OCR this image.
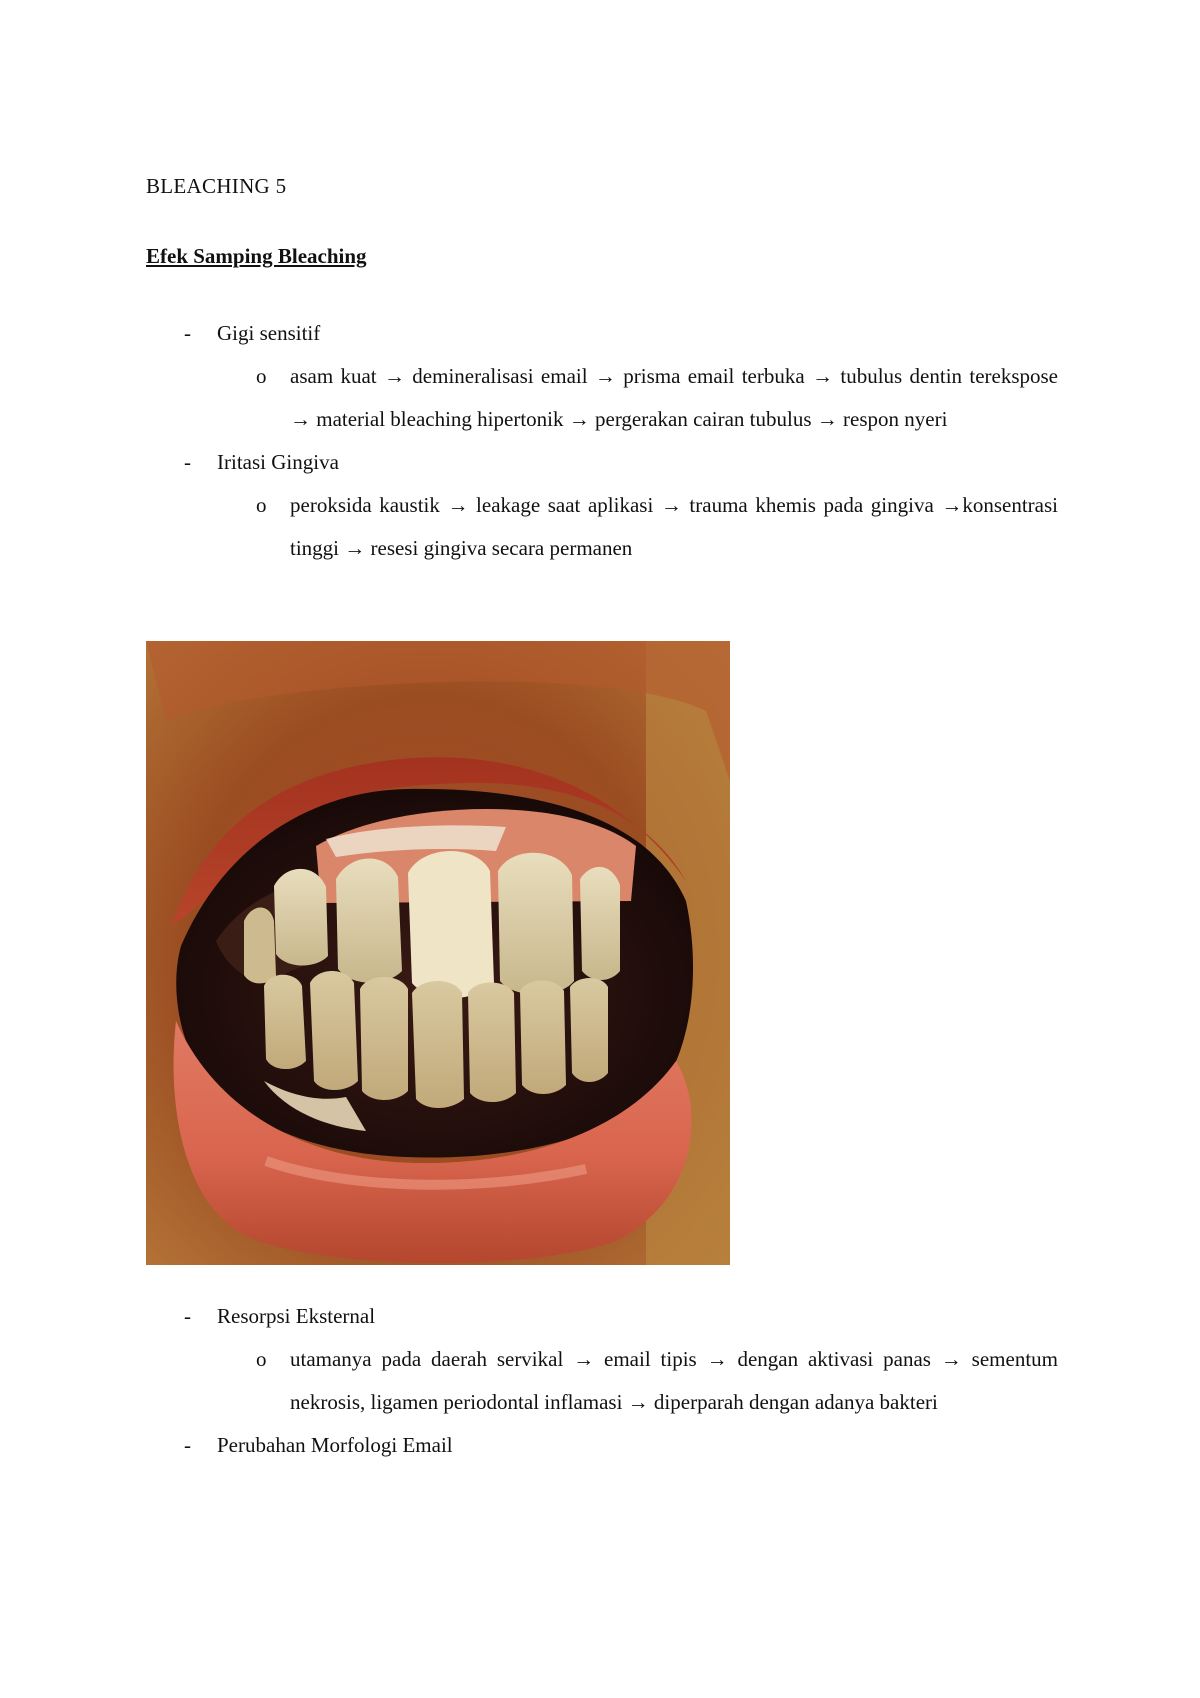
BLEACHING 5
Efek Samping Bleaching
- Gigi sensitif
o asam kuat → demineralisasi email → prisma email terbuka → tubulus dentin terekspose → material bleaching hipertonik → pergerakan cairan tubulus → respon nyeri
- Iritasi Gingiva
o peroksida kaustik → leakage saat aplikasi → trauma khemis pada gingiva →konsentrasi tinggi → resesi gingiva secara permanen
- Resorpsi Eksternal
o utamanya pada daerah servikal → email tipis → dengan aktivasi panas → sementum nekrosis, ligamen periodontal inflamasi → diperparah dengan adanya bakteri
- Perubahan Morfologi Email
